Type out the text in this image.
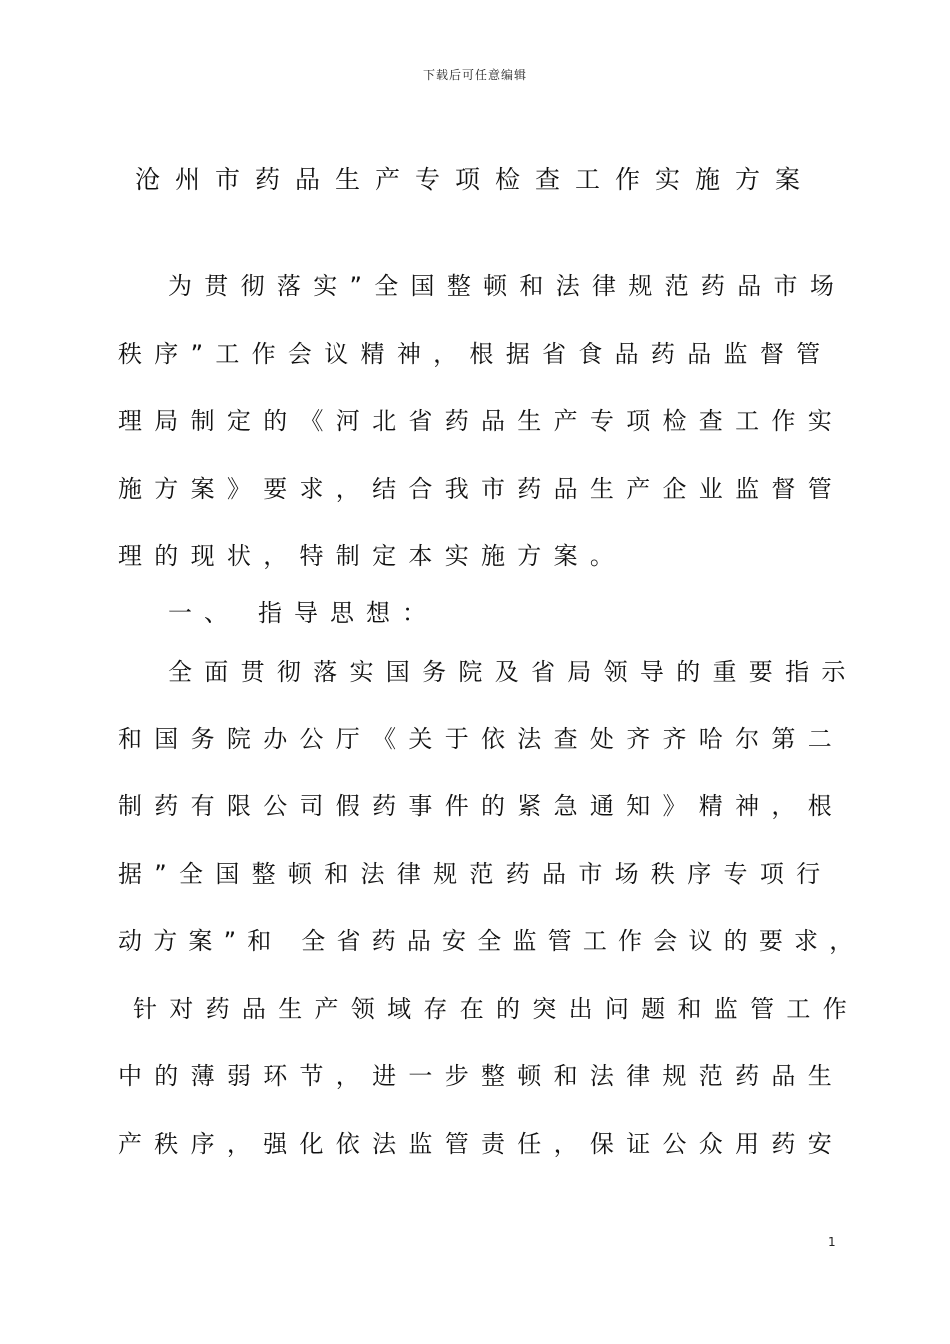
下载后可任意编辑
沧州市药品生产专项检查工作实施方案
为贯彻落实”全国整顿和法律规范药品市场
秩序”工作会议精神，根据省食品药品监督管
理局制定的《河北省药品生产专项检查工作实
施方案》要求，结合我市药品生产企业监督管
理的现状，特制定本实施方案。
一、 指导思想：
全面贯彻落实国务院及省局领导的重要指示
和国务院办公厅《关于依法查处齐齐哈尔第二
制药有限公司假药事件的紧急通知》精神，根
据”全国整顿和法律规范药品市场秩序专项行
动方案”和 全省药品安全监管工作会议的要求，
针对药品生产领域存在的突出问题和监管工作
中的薄弱环节，进一步整顿和法律规范药品生
产秩序，强化依法监管责任，保证公众用药安
1
